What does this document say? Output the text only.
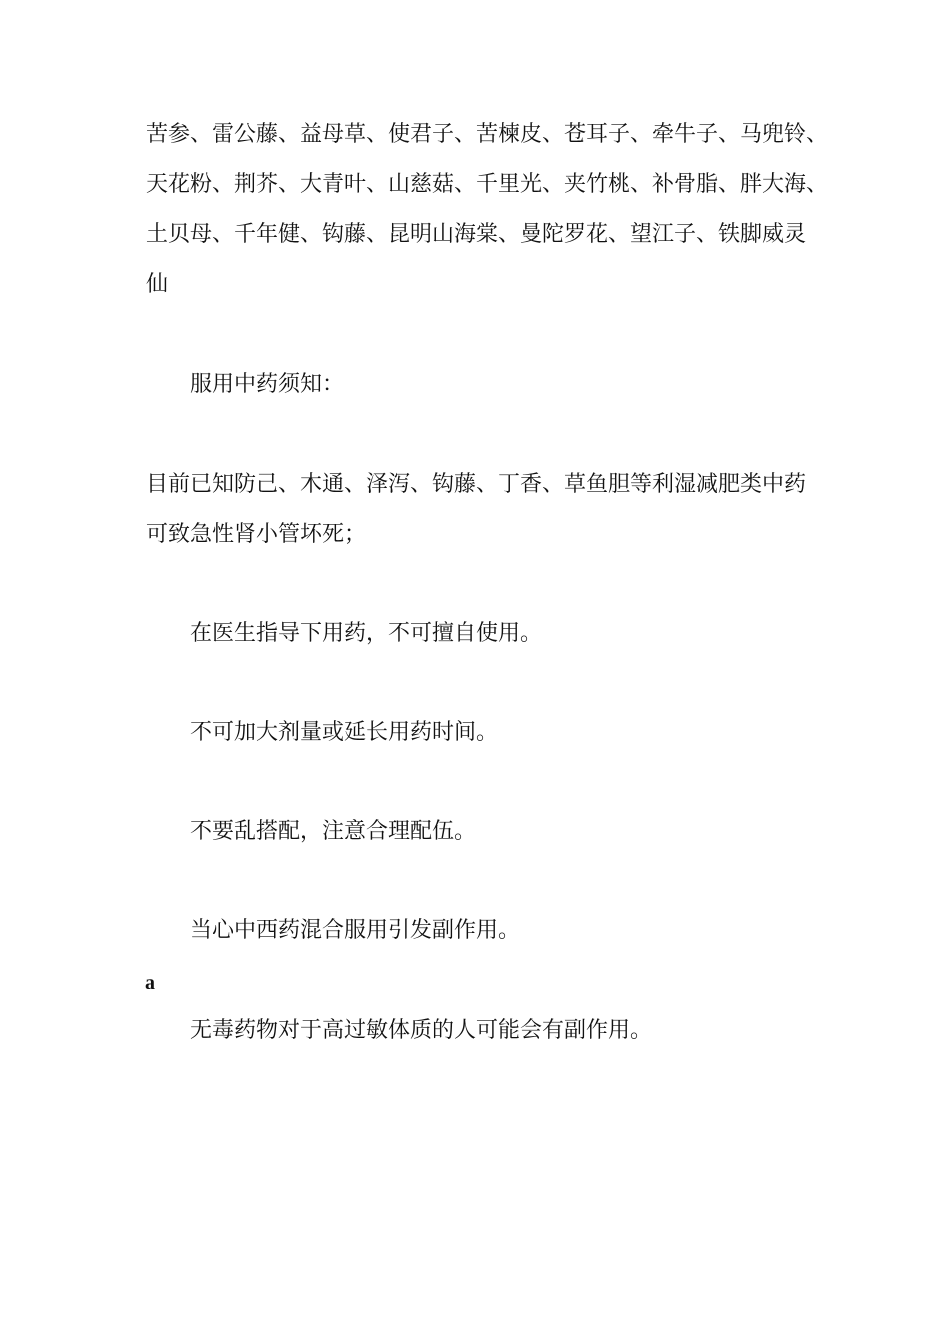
苦参、雷公藤、益母草、使君子、苦楝皮、苍耳子、牵牛子、马兜铃、
天花粉、荆芥、大青叶、山慈菇、千里光、夹竹桃、补骨脂、胖大海、
土贝母、千年健、钩藤、昆明山海棠、曼陀罗花、望江子、铁脚威灵
仙

服用中药须知：

目前已知防己、木通、泽泻、钩藤、丁香、草鱼胆等利湿减肥类中药
可致急性肾小管坏死；

在医生指导下用药，不可擅自使用。

不可加大剂量或延长用药时间。

不要乱搭配，注意合理配伍。

当心中西药混合服用引发副作用。

a

无毒药物对于高过敏体质的人可能会有副作用。
